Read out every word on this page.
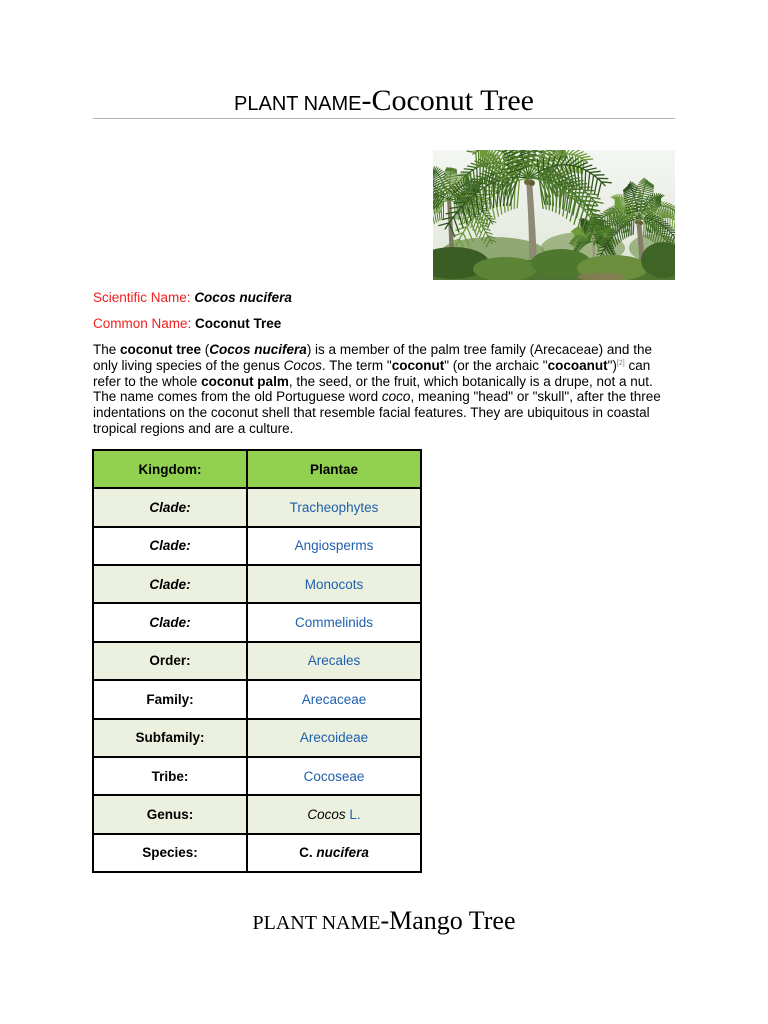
PLANT NAME-Coconut Tree
Scientific Name: Cocos nucifera
Common Name: Coconut Tree
The coconut tree (Cocos nucifera) is a member of the palm tree family (Arecaceae) and the
only living species of the genus Cocos. The term "coconut" (or the archaic "cocoanut")[2] can
refer to the whole coconut palm, the seed, or the fruit, which botanically is a drupe, not a nut.
The name comes from the old Portuguese word coco, meaning "head" or "skull", after the three
indentations on the coconut shell that resemble facial features. They are ubiquitous in coastal
tropical regions and are a culture.
Kingdom:	Plantae
Clade:	Tracheophytes
Clade:	Angiosperms
Clade:	Monocots
Clade:	Commelinids
Order:	Arecales
Family:	Arecaceae
Subfamily:	Arecoideae
Tribe:	Cocoseae
Genus:	Cocos L.
Species:	C. nucifera
PLANT NAME-Mango Tree
